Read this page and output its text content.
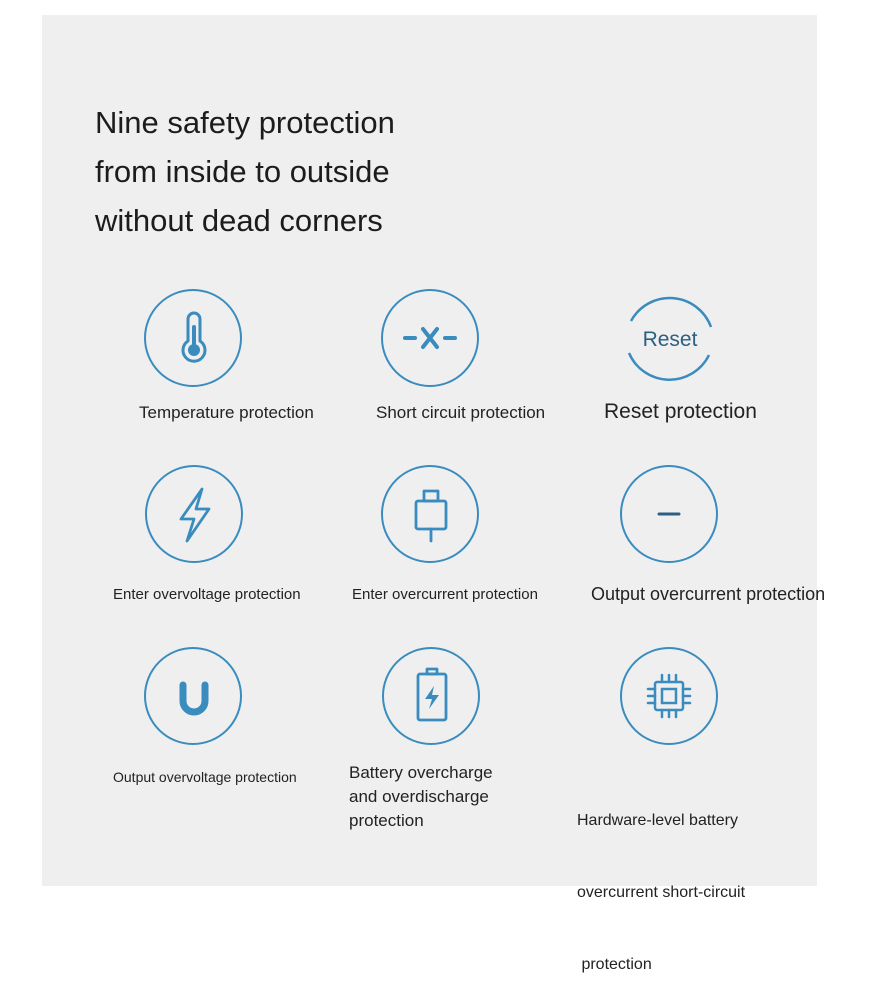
Nine safety protection
from inside to outside
without dead corners

Temperature protection	Short circuit protection

Reset

Reset protection

Enter overvoltage protection	Enter overcurrent protection	Output overcurrent protection

Output overvoltage protection	Battery overcharge
and overdischarge
protection

	Hardware-level battery

overcurrent short-circuit

protection
